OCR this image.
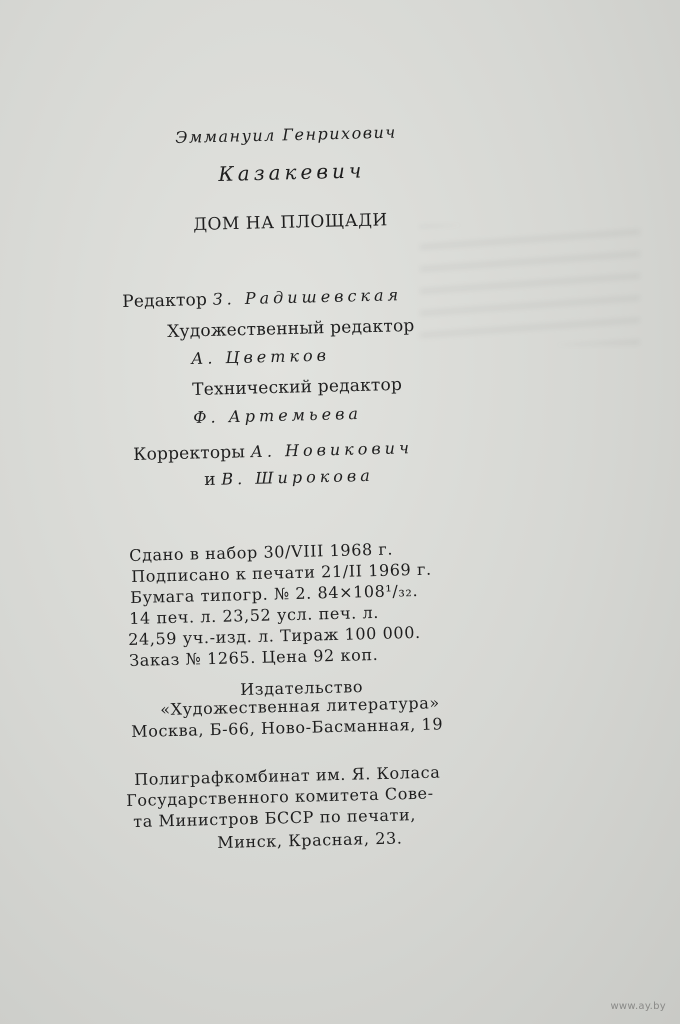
Эммануил Генрихович
Казакевич
ДОМ НА ПЛОЩАДИ
Редактор З. Радишевская
Художественный редактор
А. Цветков
Технический редактор
Ф. Артемьева
Корректоры А. Новикович
и В. Широкова
Сдано в набор 30/VIII 1968 г.
Подписано к печати 21/II 1969 г.
Бумага типогр. № 2. 84×108¹/₃₂.
14 печ. л. 23,52 усл. печ. л.
24,59 уч.-изд. л. Тираж 100 000.
Заказ № 1265. Цена 92 коп.
Издательство
«Художественная литература»
Москва, Б-66, Ново-Басманная, 19
Полиграфкомбинат им. Я. Коласа
Государственного комитета Сове-
та Министров БССР по печати,
Минск, Красная, 23.
www.ay.by
